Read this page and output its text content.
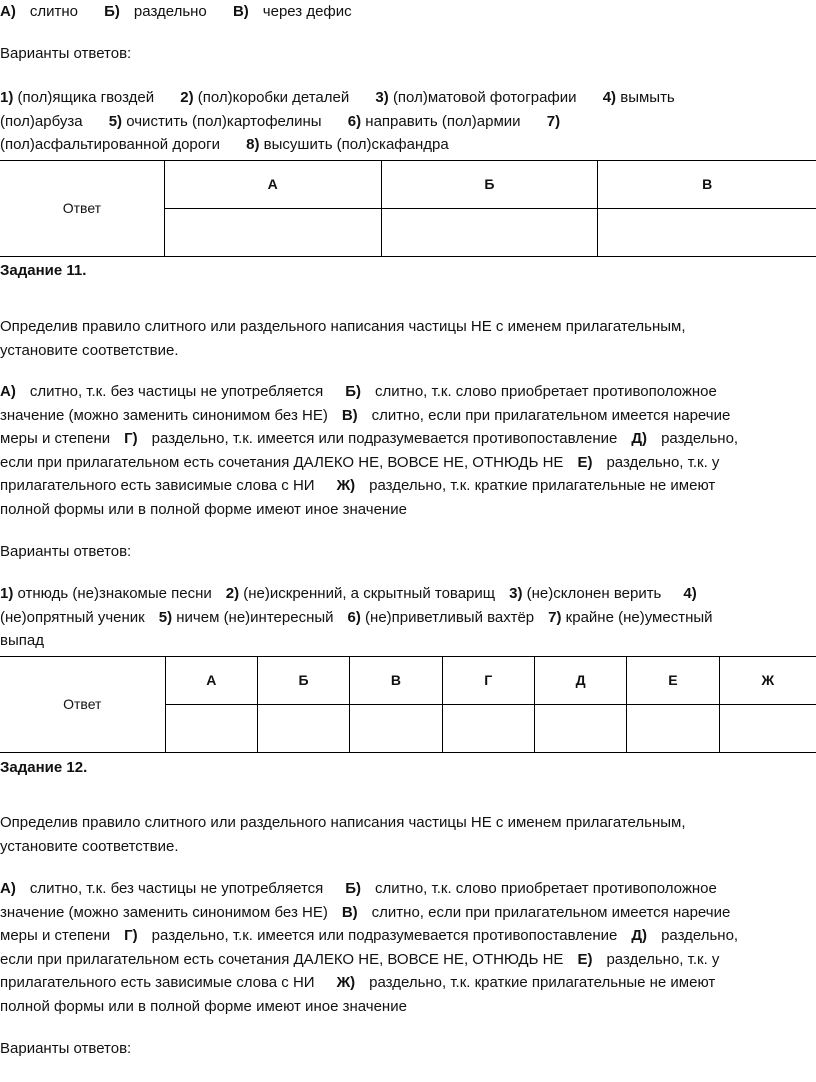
А) слитно Б) раздельно В) через дефис
Варианты ответов:
1) (пол)ящика гвоздей 2) (пол)коробки деталей 3) (пол)матовой фотографии 4) вымыть
(пол)арбуза 5) очистить (пол)картофелины 6) направить (пол)армии 7)
(пол)асфальтированной дороги 8) высушить (пол)скафандра
Ответ	А	Б	В

Задание 11.
Определив правило слитного или раздельного написания частицы НЕ с именем прилагательным,
установите соответствие.
А) слитно, т.к. без частицы не употребляется Б) слитно, т.к. слово приобретает противоположное
значение (можно заменить синонимом без НЕ) В) слитно, если при прилагательном имеется наречие
меры и степени Г) раздельно, т.к. имеется или подразумевается противопоставление Д) раздельно,
если при прилагательном есть сочетания ДАЛЕКО НЕ, ВОВСЕ НЕ, ОТНЮДЬ НЕ Е) раздельно, т.к. у
прилагательного есть зависимые слова с НИ Ж) раздельно, т.к. краткие прилагательные не имеют
полной формы или в полной форме имеют иное значение
Варианты ответов:
1) отнюдь (не)знакомые песни 2) (не)искренний, а скрытный товарищ 3) (не)склонен верить 4)
(не)опрятный ученик 5) ничем (не)интересный 6) (не)приветливый вахтёр 7) крайне (не)уместный
выпад
Ответ	А	Б	В	Г	Д	Е	Ж

Задание 12.
Определив правило слитного или раздельного написания частицы НЕ с именем прилагательным,
установите соответствие.
А) слитно, т.к. без частицы не употребляется Б) слитно, т.к. слово приобретает противоположное
значение (можно заменить синонимом без НЕ) В) слитно, если при прилагательном имеется наречие
меры и степени Г) раздельно, т.к. имеется или подразумевается противопоставление Д) раздельно,
если при прилагательном есть сочетания ДАЛЕКО НЕ, ВОВСЕ НЕ, ОТНЮДЬ НЕ Е) раздельно, т.к. у
прилагательного есть зависимые слова с НИ Ж) раздельно, т.к. краткие прилагательные не имеют
полной формы или в полной форме имеют иное значение
Варианты ответов:
